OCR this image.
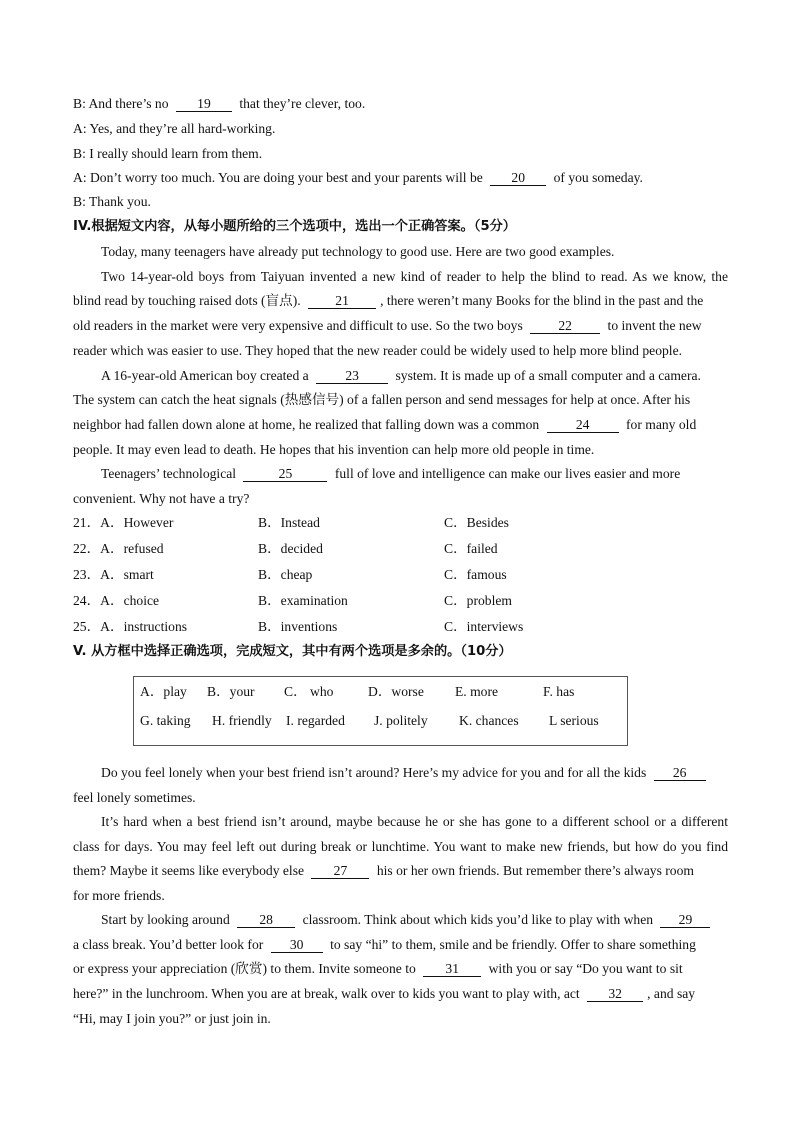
B: And there’s no 19 that they’re clever, too.
A: Yes, and they’re all hard-working.
B: I really should learn from them.
A: Don’t worry too much. You are doing your best and your parents will be 20 of you someday.
B: Thank you.
IV.根据短文内容，从每小题所给的三个选项中，选出一个正确答案。（5分）
Today, many teenagers have already put technology to good use. Here are two good examples.
Two 14-year-old boys from Taiyuan invented a new kind of reader to help the blind to read. As we know, the
blind read by touching raised dots (盲点).	21 , there weren’t many Books for the blind in the past and the
old readers in the market were very expensive and difficult to use. So the two boys	22	to invent the new
reader which was easier to use. They hoped that the new reader could be widely used to help more blind people.
A 16-year-old American boy created a	23	system. It is made up of a small computer and a camera.
The system can catch the heat signals (热感信号) of a fallen person and send messages for help at once. After his
neighbor had fallen down alone at home, he realized that falling down was a common	24	for many old
people. It may even lead to death. He hopes that his invention can help more old people in time.
Teenagers’ technological	25	full of love and intelligence can make our lives easier and more
convenient. Why not have a try?
21．A．However	B．Instead	C．Besides
22．A．refused	B．decided	C．failed
23．A．smart	B．cheap	C．famous
24．A．choice	B．examination	C．problem
25．A．instructions	B．inventions	C．interviews
V. 从方框中选择正确选项，完成短文，其中有两个选项是多余的。（10分）
A．play B．your C． who	D．worse E. more	F. has
G. taking H. friendly I. regarded J. politely K. chances L serious
Do you feel lonely when your best friend isn’t around? Here’s my advice for you and for all the kids 26
feel lonely sometimes.
It’s hard when a best friend isn’t around, maybe because he or she has gone to a different school or a different
class for days. You may feel left out during break or lunchtime. You want to make new friends, but how do you find
them? Maybe it seems like everybody else 27 his or her own friends. But remember there’s always room
for more friends.
Start by looking around 28 classroom. Think about which kids you’d like to play with when 29
a class break. You’d better look for 30 to say “hi” to them, smile and be friendly. Offer to share something
or express your appreciation (欣赏) to them. Invite someone to 31 with you or say “Do you want to sit
here?” in the lunchroom. When you are at break, walk over to kids you want to play with, act 32 , and say
“Hi, may I join you?” or just join in.
